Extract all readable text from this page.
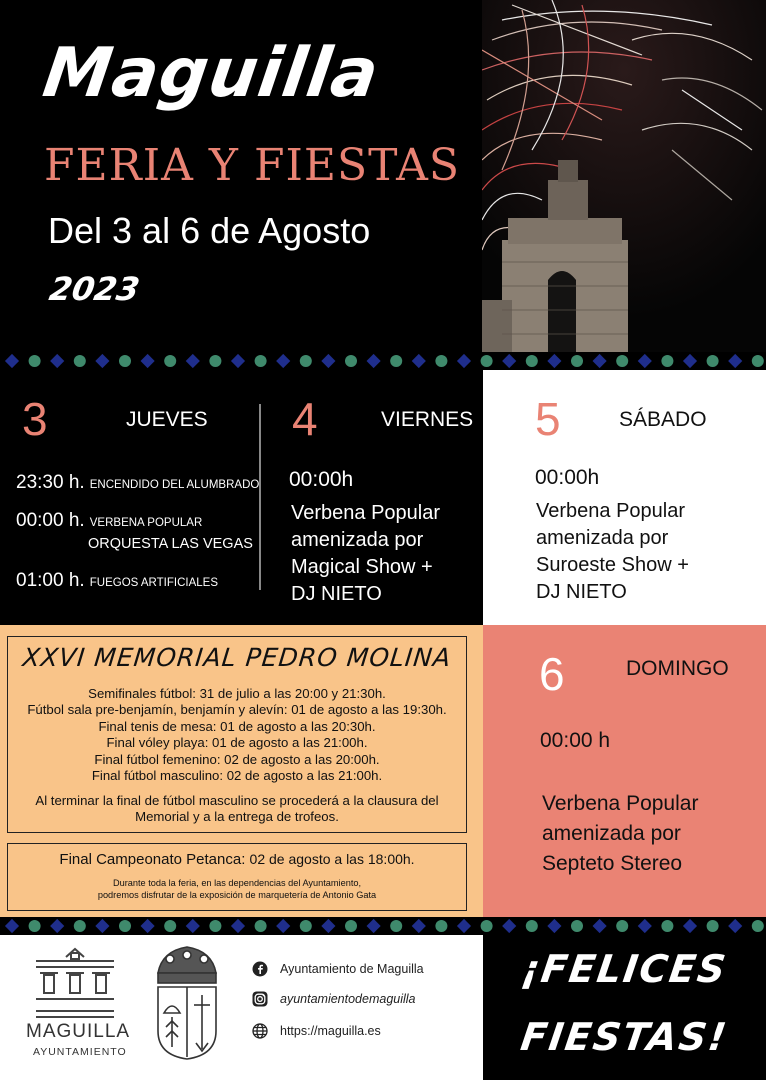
Maguilla
FERIA Y FIESTAS
Del 3 al 6 de Agosto
2023
3	JUEVES
23:30 h. ENCENDIDO DEL ALUMBRADO
00:00 h. VERBENA POPULAR
ORQUESTA LAS VEGAS
01:00 h. FUEGOS ARTIFICIALES
4	VIERNES
00:00h
Verbena Popular
amenizada por
Magical Show +
DJ NIETO
5	SÁBADO
00:00h
Verbena Popular
amenizada por
Suroeste Show +
DJ NIETO
XXVI MEMORIAL PEDRO MOLINA
Semifinales fútbol: 31 de julio a las 20:00 y 21:30h.
Fútbol sala pre-benjamín, benjamín y alevín: 01 de agosto a las 19:30h.
Final tenis de mesa: 01 de agosto a las 20:30h.
Final vóley playa: 01 de agosto a las 21:00h.
Final fútbol femenino: 02 de agosto a las 20:00h.
Final fútbol masculino: 02 de agosto a las 21:00h.
Al terminar la final de fútbol masculino se procederá a la clausura del
Memorial y a la entrega de trofeos.
Final Campeonato Petanca: 02 de agosto a las 18:00h.
Durante toda la feria, en las dependencias del Ayuntamiento,
podremos disfrutar de la exposición de marquetería de Antonio Gata
6	DOMINGO
00:00 h
Verbena Popular
amenizada por
Septeto Stereo
MAGUILLA
AYUNTAMIENTO
Ayuntamiento de Maguilla
ayuntamientodemaguilla
https://maguilla.es
¡FELICES
FIESTAS!
